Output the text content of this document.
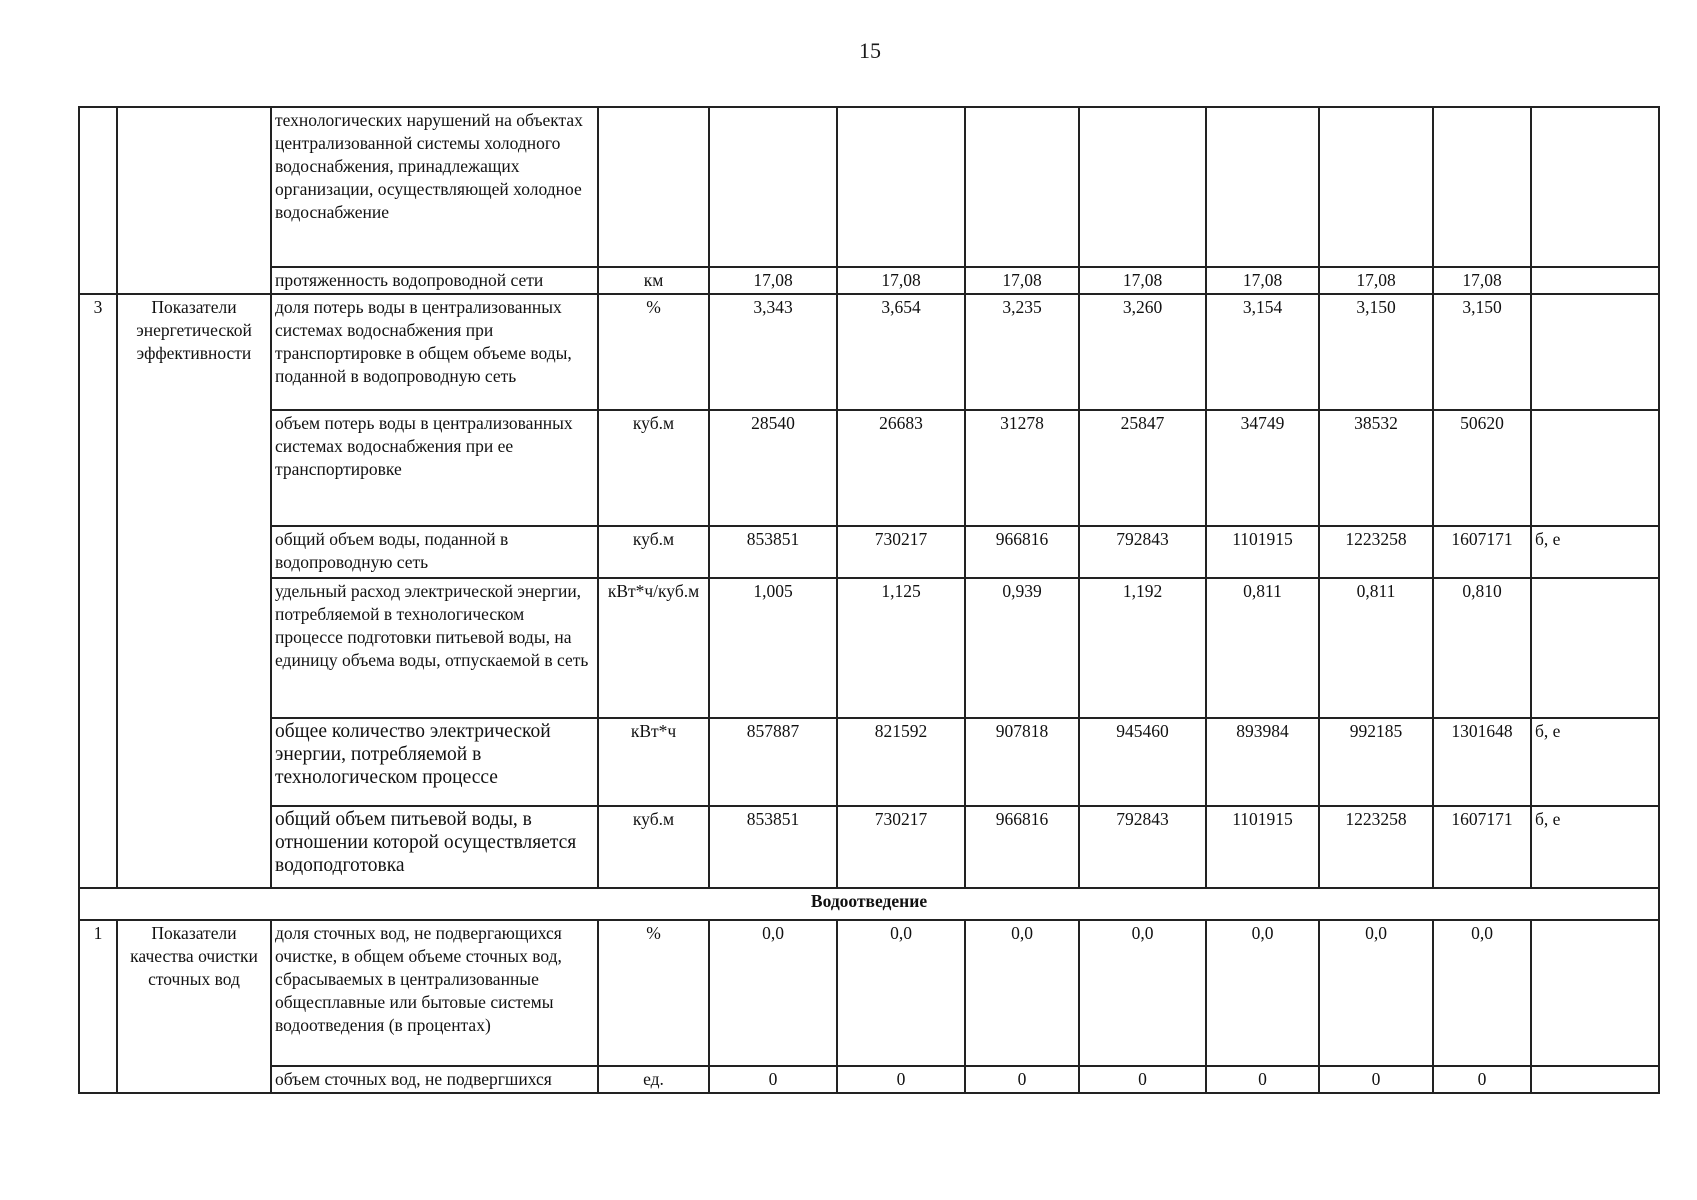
15
		технологических нарушений на объектах централизованной системы холодного водоснабжения, принадлежащих организации, осуществляющей холодное водоснабжение									
		протяженность водопроводной сети	км	17,08	17,08	17,08	17,08	17,08	17,08	17,08	
3	Показатели энергетической эффективности	доля потерь воды в централизованных системах водоснабжения при транспортировке в общем объеме воды, поданной в водопроводную сеть	%	3,343	3,654	3,235	3,260	3,154	3,150	3,150	
		объем потерь воды в централизованных системах водоснабжения при ее транспортировке	куб.м	28540	26683	31278	25847	34749	38532	50620	
		общий объем воды, поданной в водопроводную сеть	куб.м	853851	730217	966816	792843	1101915	1223258	1607171	б, е
		удельный расход электрической энергии, потребляемой в технологическом процессе подготовки питьевой воды, на единицу объема воды, отпускаемой в сеть	кВт*ч/куб.м	1,005	1,125	0,939	1,192	0,811	0,811	0,810	
		общее количество электрической энергии, потребляемой в технологическом процессе	кВт*ч	857887	821592	907818	945460	893984	992185	1301648	б, е
		общий объем питьевой воды, в отношении которой осуществляется водоподготовка	куб.м	853851	730217	966816	792843	1101915	1223258	1607171	б, е
Водоотведение											
1	Показатели качества очистки сточных вод	доля сточных вод, не подвергающихся очистке, в общем объеме сточных вод, сбрасываемых в централизованные общесплавные или бытовые системы водоотведения (в процентах)	%	0,0	0,0	0,0	0,0	0,0	0,0	0,0	
		объем сточных вод, не подвергшихся	ед.	0	0	0	0	0	0	0	
